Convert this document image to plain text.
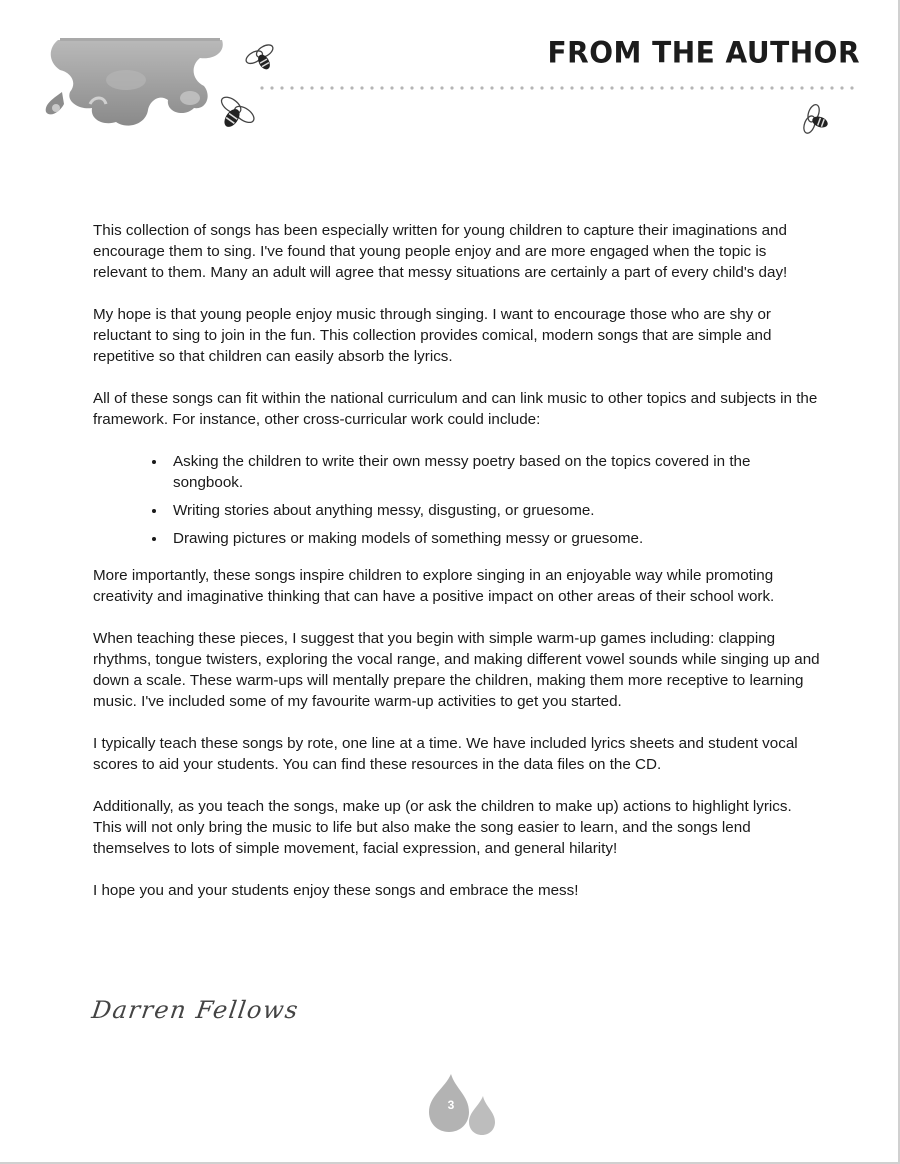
FROM THE AUTHOR

This collection of songs has been especially written for young children to capture their imaginations and encourage them to sing. I've found that young people enjoy and are more engaged when the topic is relevant to them. Many an adult will agree that messy situations are certainly a part of every child's day!

My hope is that young people enjoy music through singing. I want to encourage those who are shy or reluctant to sing to join in the fun. This collection provides comical, modern songs that are simple and repetitive so that children can easily absorb the lyrics.

All of these songs can fit within the national curriculum and can link music to other topics and subjects in the framework. For instance, other cross-curricular work could include:

• Asking the children to write their own messy poetry based on the topics covered in the songbook.
• Writing stories about anything messy, disgusting, or gruesome.
• Drawing pictures or making models of something messy or gruesome.

More importantly, these songs inspire children to explore singing in an enjoyable way while promoting creativity and imaginative thinking that can have a positive impact on other areas of their school work.

When teaching these pieces, I suggest that you begin with simple warm-up games including: clapping rhythms, tongue twisters, exploring the vocal range, and making different vowel sounds while singing up and down a scale. These warm-ups will mentally prepare the children, making them more receptive to learning music. I've included some of my favourite warm-up activities to get you started.

I typically teach these songs by rote, one line at a time. We have included lyrics sheets and student vocal scores to aid your students. You can find these resources in the data files on the CD.

Additionally, as you teach the songs, make up (or ask the children to make up) actions to highlight lyrics. This will not only bring the music to life but also make the song easier to learn, and the songs lend themselves to lots of simple movement, facial expression, and general hilarity!

I hope you and your students enjoy these songs and embrace the mess!

Darren Fellows
3
